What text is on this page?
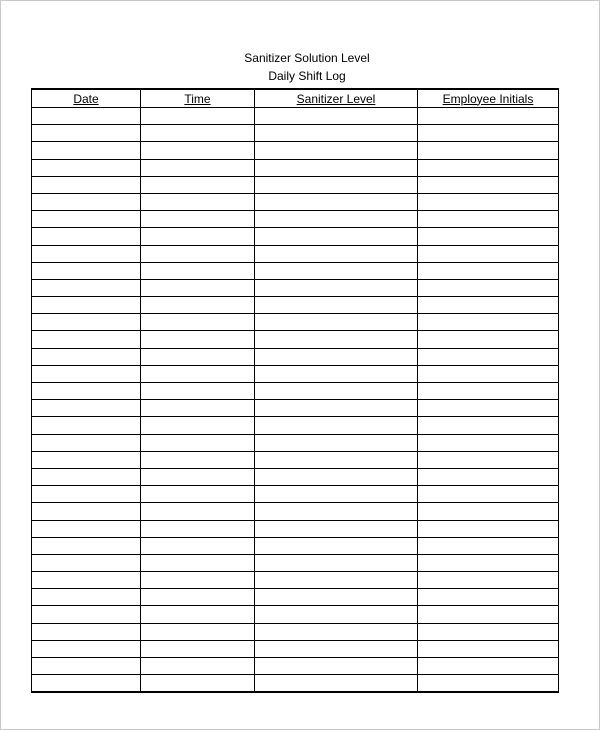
Sanitizer Solution Level
Daily Shift Log
Date	Time	Sanitizer Level	Employee Initials
